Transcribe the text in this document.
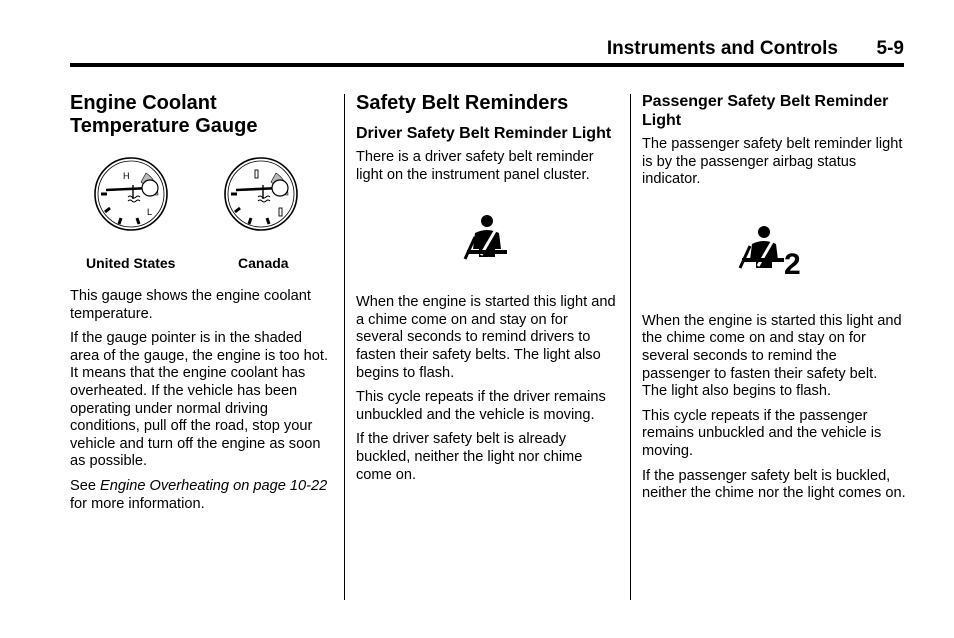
Instruments and Controls 5-9
Engine Coolant
Temperature Gauge
H
L
United States	Canada

This gauge shows the engine coolant temperature.

If the gauge pointer is in the shaded area of the gauge, the engine is too hot. It means that the engine coolant has overheated. If the vehicle has been operating under normal driving conditions, pull off the road, stop your vehicle and turn off the engine as soon as possible.

See Engine Overheating on page 10-22 for more information.

Safety Belt Reminders
Driver Safety Belt Reminder Light

There is a driver safety belt reminder light on the instrument panel cluster.

When the engine is started this light and a chime come on and stay on for several seconds to remind drivers to fasten their safety belts. The light also begins to flash.

This cycle repeats if the driver remains unbuckled and the vehicle is moving.

If the driver safety belt is already buckled, neither the light nor chime come on.

Passenger Safety Belt Reminder Light

The passenger safety belt reminder light is by the passenger airbag status indicator.

2

When the engine is started this light and the chime come on and stay on for several seconds to remind the passenger to fasten their safety belt. The light also begins to flash.

This cycle repeats if the passenger remains unbuckled and the vehicle is moving.

If the passenger safety belt is buckled, neither the chime nor the light comes on.
